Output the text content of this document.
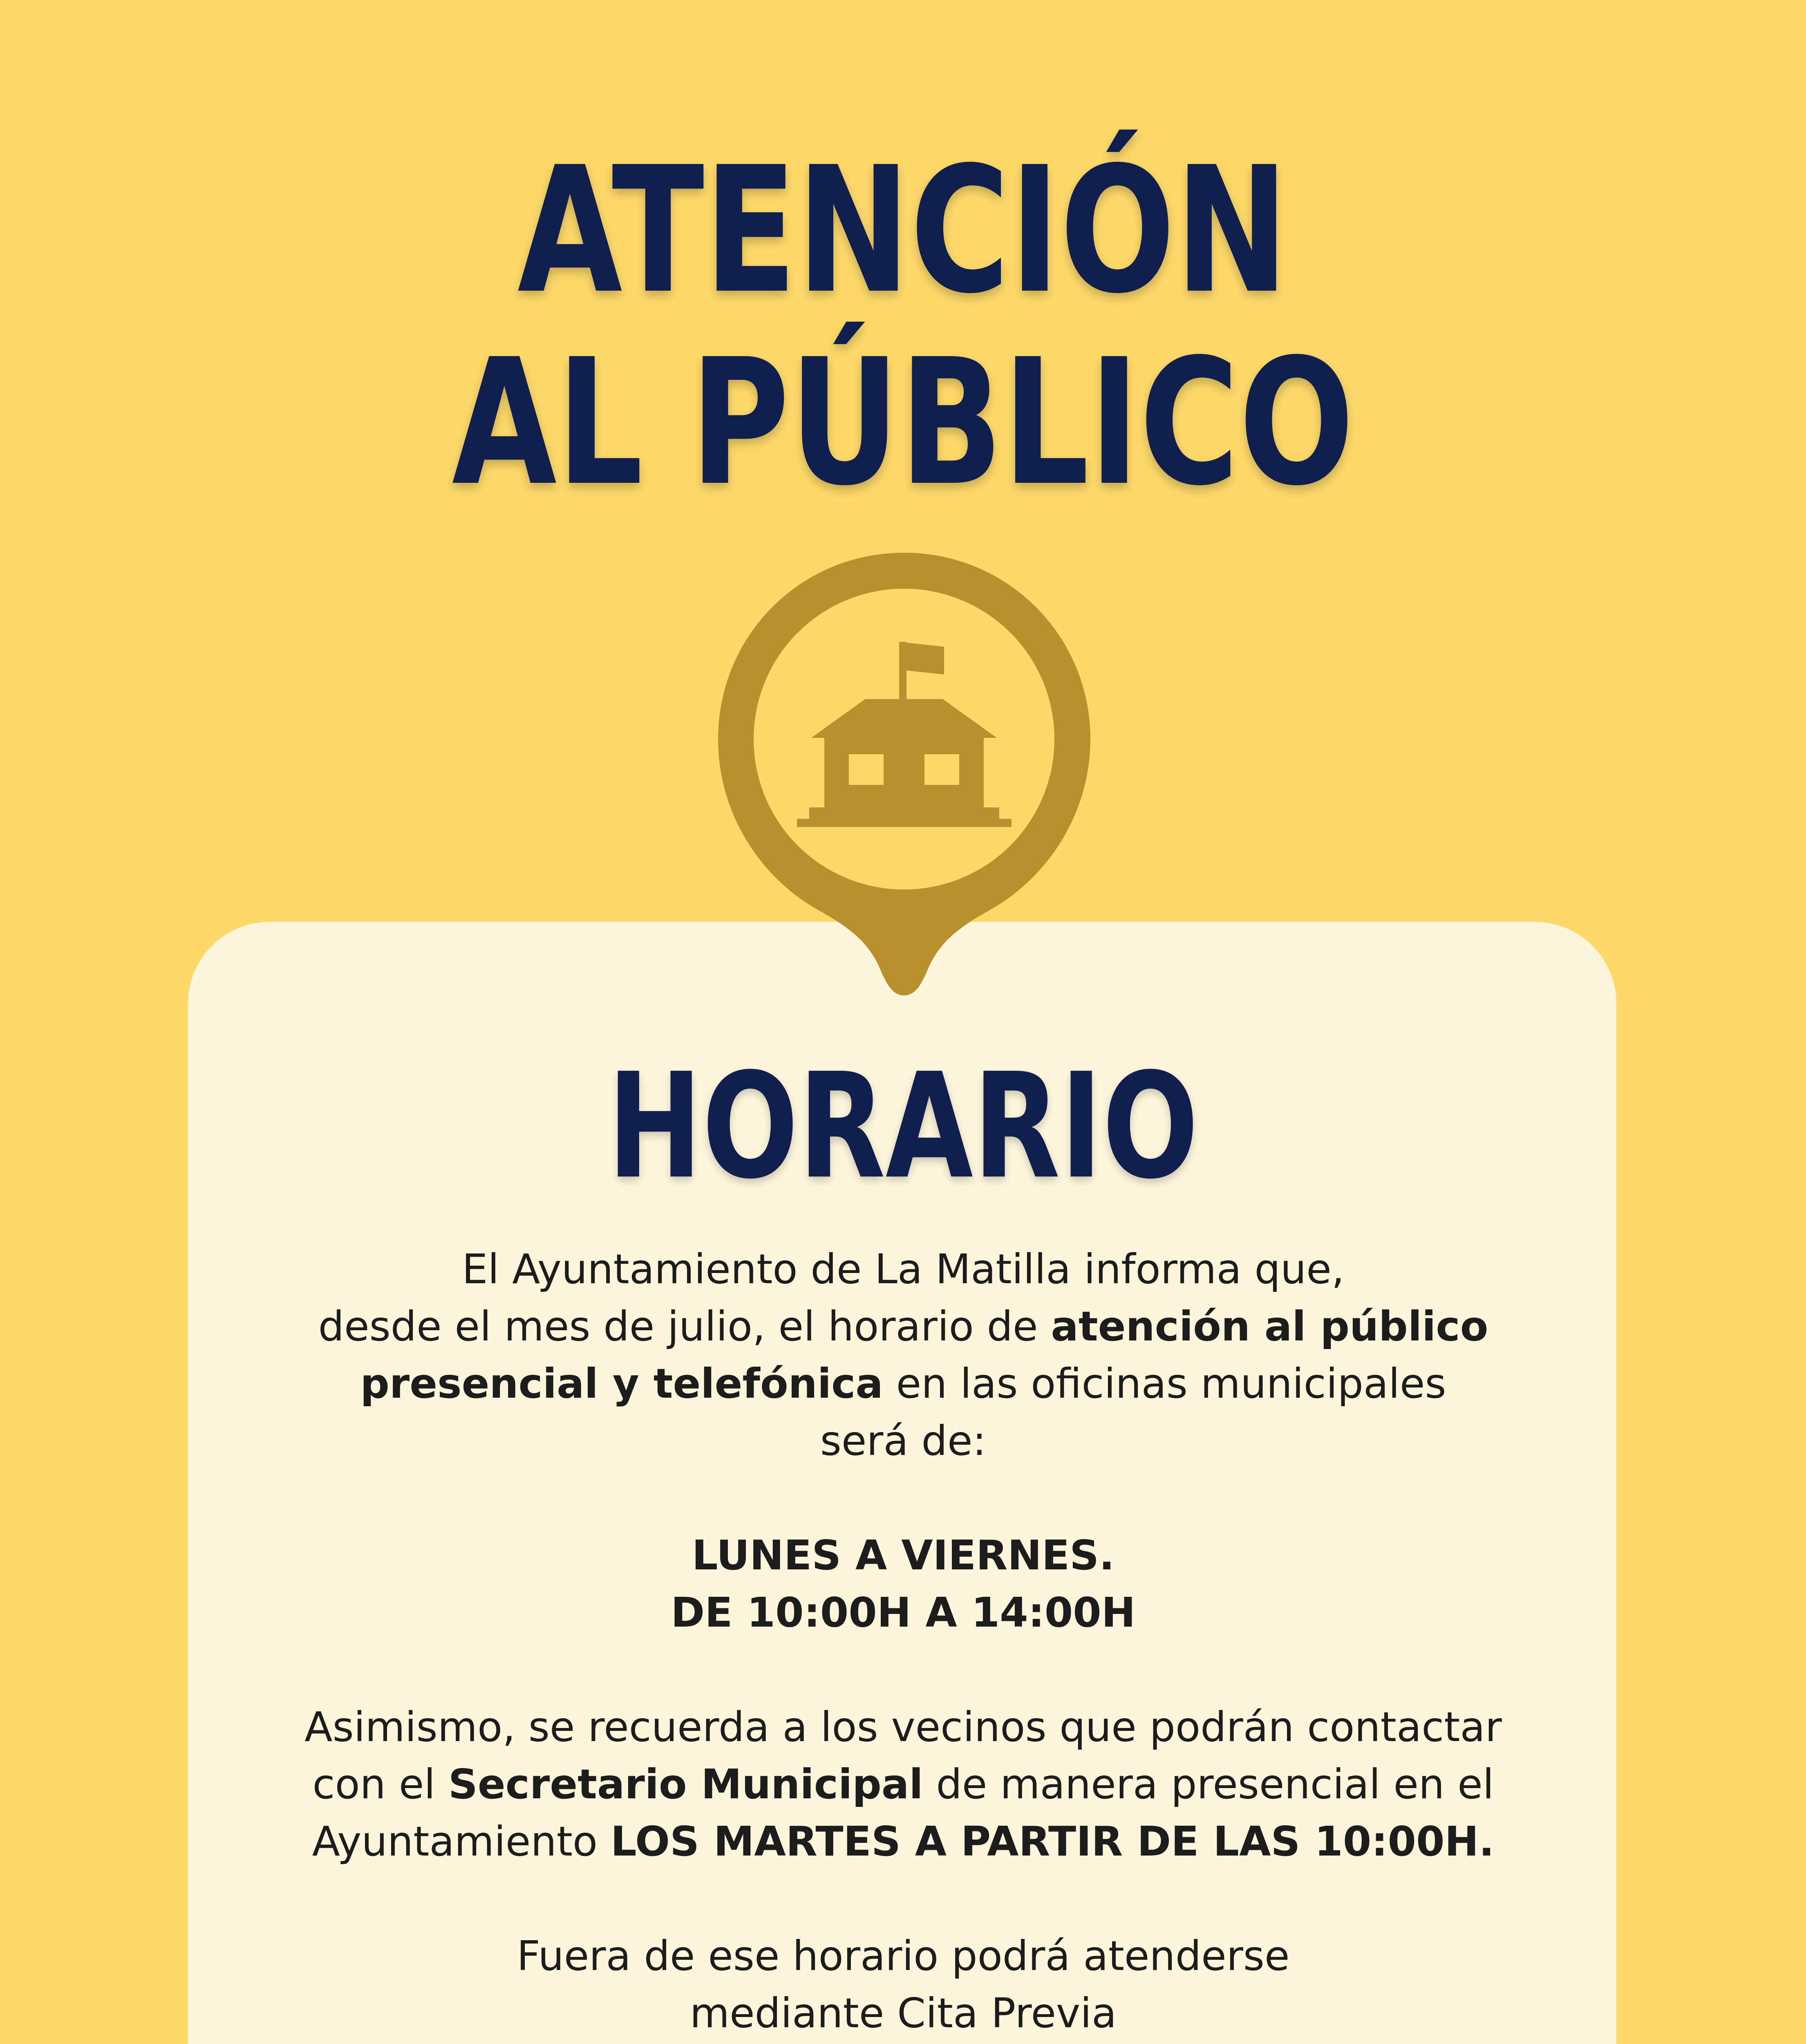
ATENCIÓN
AL PÚBLICO
HORARIO

El Ayuntamiento de La Matilla informa que,

desde el mes de julio, el horario de atención al público

presencial y telefónica en las oficinas municipales

será de:

LUNES A VIERNES.

DE 10:00H A 14:00H

Asimismo, se recuerda a los vecinos que podrán contactar

con el Secretario Municipal de manera presencial en el

Ayuntamiento LOS MARTES A PARTIR DE LAS 10:00H.

Fuera de ese horario podrá atenderse

mediante Cita Previa
